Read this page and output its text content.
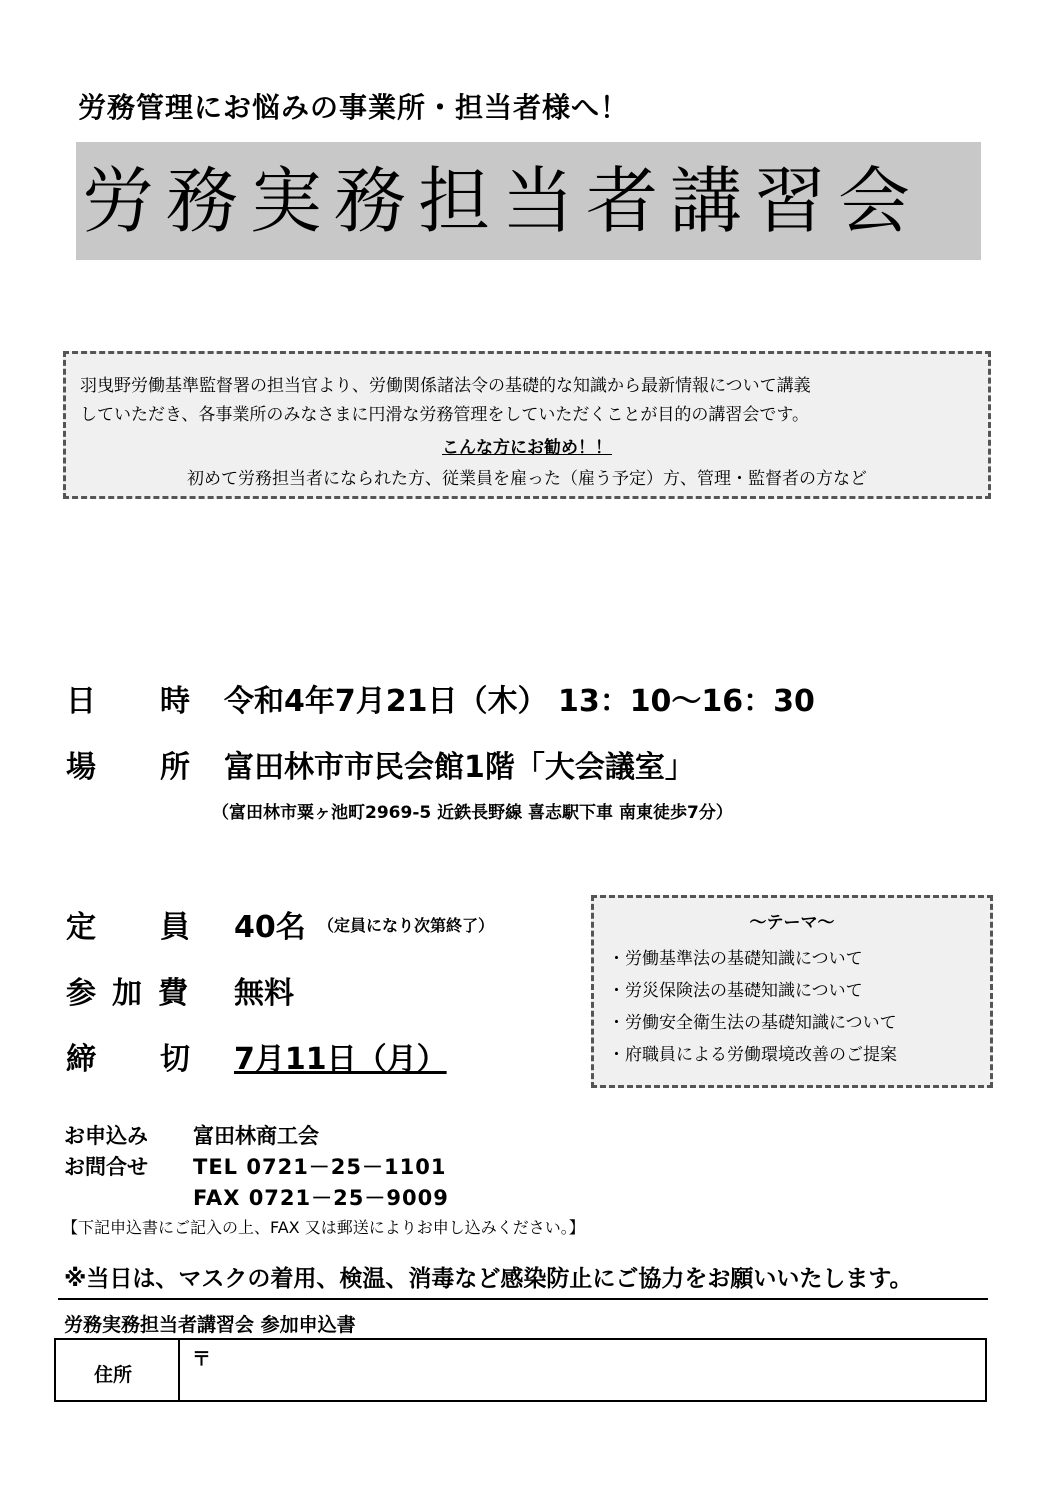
労務管理にお悩みの事業所・担当者様へ！
労務実務担当者講習会
羽曳野労働基準監督署の担当官より、労働関係諸法令の基礎的な知識から最新情報について講義
していただき、各事業所のみなさまに円滑な労務管理をしていただくことが目的の講習会です。
こんな方にお勧め！！
初めて労務担当者になられた方、従業員を雇った（雇う予定）方、管理・監督者の方など
日 時 令和4年7月21日（木） 13：10～16：30
場 所 富田林市市民会館1階「大会議室」
（富田林市粟ヶ池町2969-5 近鉄長野線 喜志駅下車 南東徒歩7分）
定 員 40名 （定員になり次第終了）
参加費 無料
締 切 7月11日（月）
～テーマ～
・労働基準法の基礎知識について
・労災保険法の基礎知識について
・労働安全衛生法の基礎知識について
・府職員による労働環境改善のご提案
お申込み 富田林商工会
お問合せ TEL 0721－25－1101
FAX 0721－25－9009
【下記申込書にご記入の上、FAX 又は郵送によりお申し込みください。】
※当日は、マスクの着用、検温、消毒など感染防止にご協力をお願いいたします。
労務実務担当者講習会 参加申込書
住所
〒
